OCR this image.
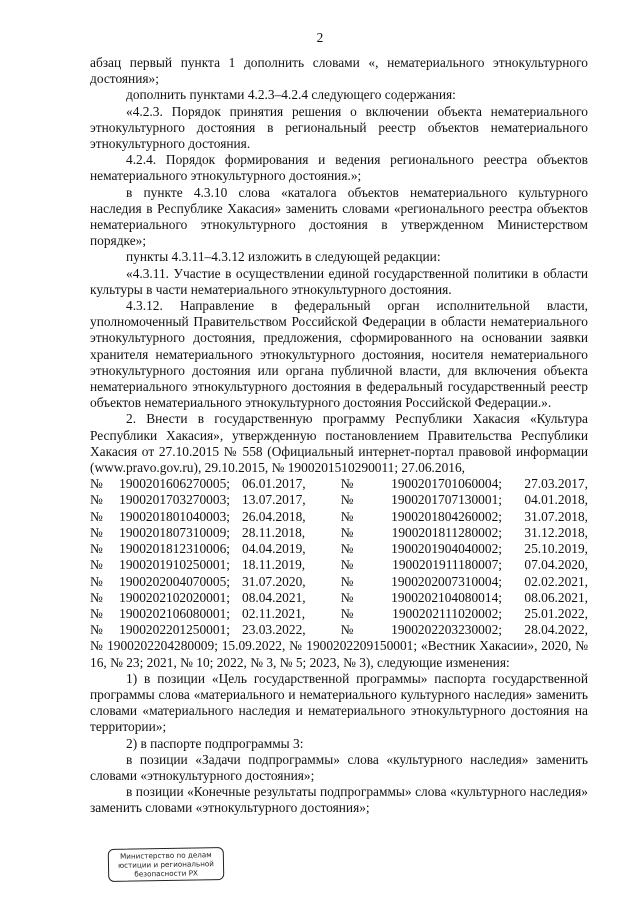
2

абзац первый пункта 1 дополнить словами «, нематериального этнокультурного достояния»;

дополнить пунктами 4.2.3–4.2.4 следующего содержания:

«4.2.3. Порядок принятия решения о включении объекта нематериального этнокультурного достояния в региональный реестр объектов нематериального этнокультурного достояния.

4.2.4. Порядок формирования и ведения регионального реестра объектов нематериального этнокультурного достояния.»;

в пункте 4.3.10 слова «каталога объектов нематериального культурного наследия в Республике Хакасия» заменить словами «регионального реестра объектов нематериального этнокультурного достояния в утвержденном Министерством порядке»;

пункты 4.3.11–4.3.12 изложить в следующей редакции:

«4.3.11. Участие в осуществлении единой государственной политики в области культуры в части нематериального этнокультурного достояния.

4.3.12. Направление в федеральный орган исполнительной власти, уполномоченный Правительством Российской Федерации в области нематериального этнокультурного достояния, предложения, сформированного на основании заявки хранителя нематериального этнокультурного достояния, носителя нематериального этнокультурного достояния или органа публичной власти, для включения объекта нематериального этнокультурного достояния в федеральный государственный реестр объектов нематериального этнокультурного достояния Российской Федерации.».

2. Внести в государственную программу Республики Хакасия «Культура Республики Хакасия», утвержденную постановлением Правительства Республики Хакасия от 27.10.2015 № 558 (Официальный интернет-портал правовой информации (www.pravo.gov.ru), 29.10.2015, № 1900201510290011; 27.06.2016,

№	1900201606270005;	06.01.2017,	№	1900201701060004;	27.03.2017,
№	1900201703270003;	13.07.2017,	№	1900201707130001;	04.01.2018,
№	1900201801040003;	26.04.2018,	№	1900201804260002;	31.07.2018,
№	1900201807310009;	28.11.2018,	№	1900201811280002;	31.12.2018,
№	1900201812310006;	04.04.2019,	№	1900201904040002;	25.10.2019,
№	1900201910250001;	18.11.2019,	№	1900201911180007;	07.04.2020,
№	1900202004070005;	31.07.2020,	№	1900202007310004;	02.02.2021,
№	1900202102020001;	08.04.2021,	№	1900202104080014;	08.06.2021,
№	1900202106080001;	02.11.2021,	№	1900202111020002;	25.01.2022,
№	1900202201250001;	23.03.2022,	№	1900202203230002;	28.04.2022,

№ 1900202204280009; 15.09.2022, № 1900202209150001; «Вестник Хакасии», 2020, № 16, № 23; 2021, № 10; 2022, № 3, № 5; 2023, № 3), следующие изменения:

1) в позиции «Цель государственной программы» паспорта государственной программы слова «материального и нематериального культурного наследия» заменить словами «материального наследия и нематериального этнокультурного достояния на территории»;

2) в паспорте подпрограммы 3:

в позиции «Задачи подпрограммы» слова «культурного наследия» заменить словами «этнокультурного достояния»;

в позиции «Конечные результаты подпрограммы» слова «культурного наследия» заменить словами «этнокультурного достояния»;

Министерство по делам
юстиции и региональной
безопасности РХ
